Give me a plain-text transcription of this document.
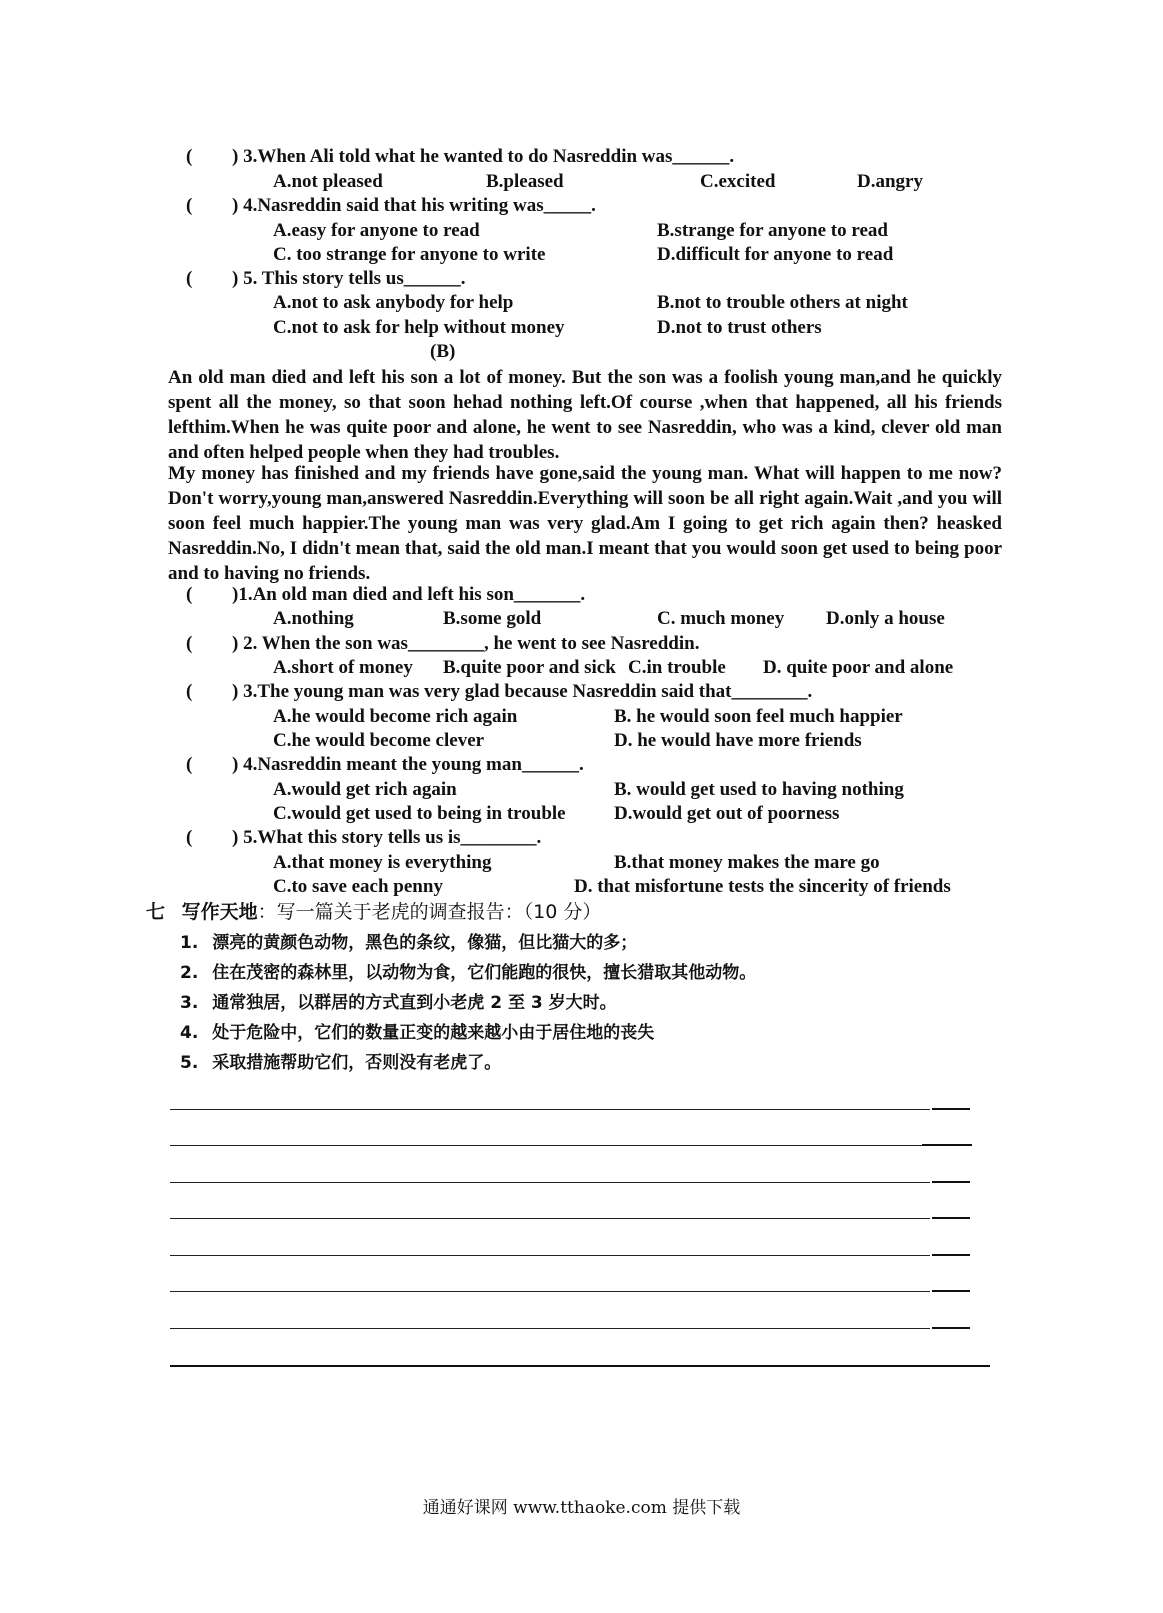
( ) 3.When Ali told what he wanted to do Nasreddin was______.
A.not pleased	B.pleased	C.excited	D.angry
( ) 4.Nasreddin said that his writing was_____.
A.easy for anyone to read	B.strange for anyone to read
C. too strange for anyone to write	D.difficult for anyone to read
( ) 5. This story tells us______.
A.not to ask anybody for help	B.not to trouble others at night
C.not to ask for help without money	D.not to trust others
(B)
An old man died and left his son a lot of money. But the son was a foolish young man,and he quickly spent all the money, so that soon hehad nothing left.Of course ,when that happened, all his friends lefthim.When he was quite poor and alone, he went to see Nasreddin, who was a kind, clever old man and often helped people when they had troubles.
My money has finished and my friends have gone,said the young man. What will happen to me now?Don't worry,young man,answered Nasreddin.Everything will soon be all right again.Wait ,and you will soon feel much happier.The young man was very glad.Am I going to get rich again then? heasked Nasreddin.No, I didn't mean that, said the old man.I meant that you would soon get used to being poor and to having no friends.
( )1.An old man died and left his son_______.
A.nothing	B.some gold	C. much money D.only a house
( ) 2. When the son was________, he went to see Nasreddin.
A.short of money B.quite poor and sick C.in trouble D. quite poor and alone
( ) 3.The young man was very glad because Nasreddin said that________.
A.he would become rich again	B. he would soon feel much happier
C.he would become clever	D. he would have more friends
( ) 4.Nasreddin meant the young man______.
A.would get rich again	B. would get used to having nothing
C.would get used to being in trouble	D.would get out of poorness
( ) 5.What this story tells us is________.
A.that money is everything	B.that money makes the mare go
C.to save each penny	D. that misfortune tests the sincerity of friends
七 写作天地：写一篇关于老虎的调查报告：（10 分）
1. 漂亮的黄颜色动物，黑色的条纹，像猫，但比猫大的多；
2. 住在茂密的森林里，以动物为食，它们能跑的很快，擅长猎取其他动物。
3. 通常独居，以群居的方式直到小老虎 2 至 3 岁大时。
4. 处于危险中，它们的数量正变的越来越小由于居住地的丧失
5. 采取措施帮助它们，否则没有老虎了。
通通好课网 www.tthaoke.com 提供下载
